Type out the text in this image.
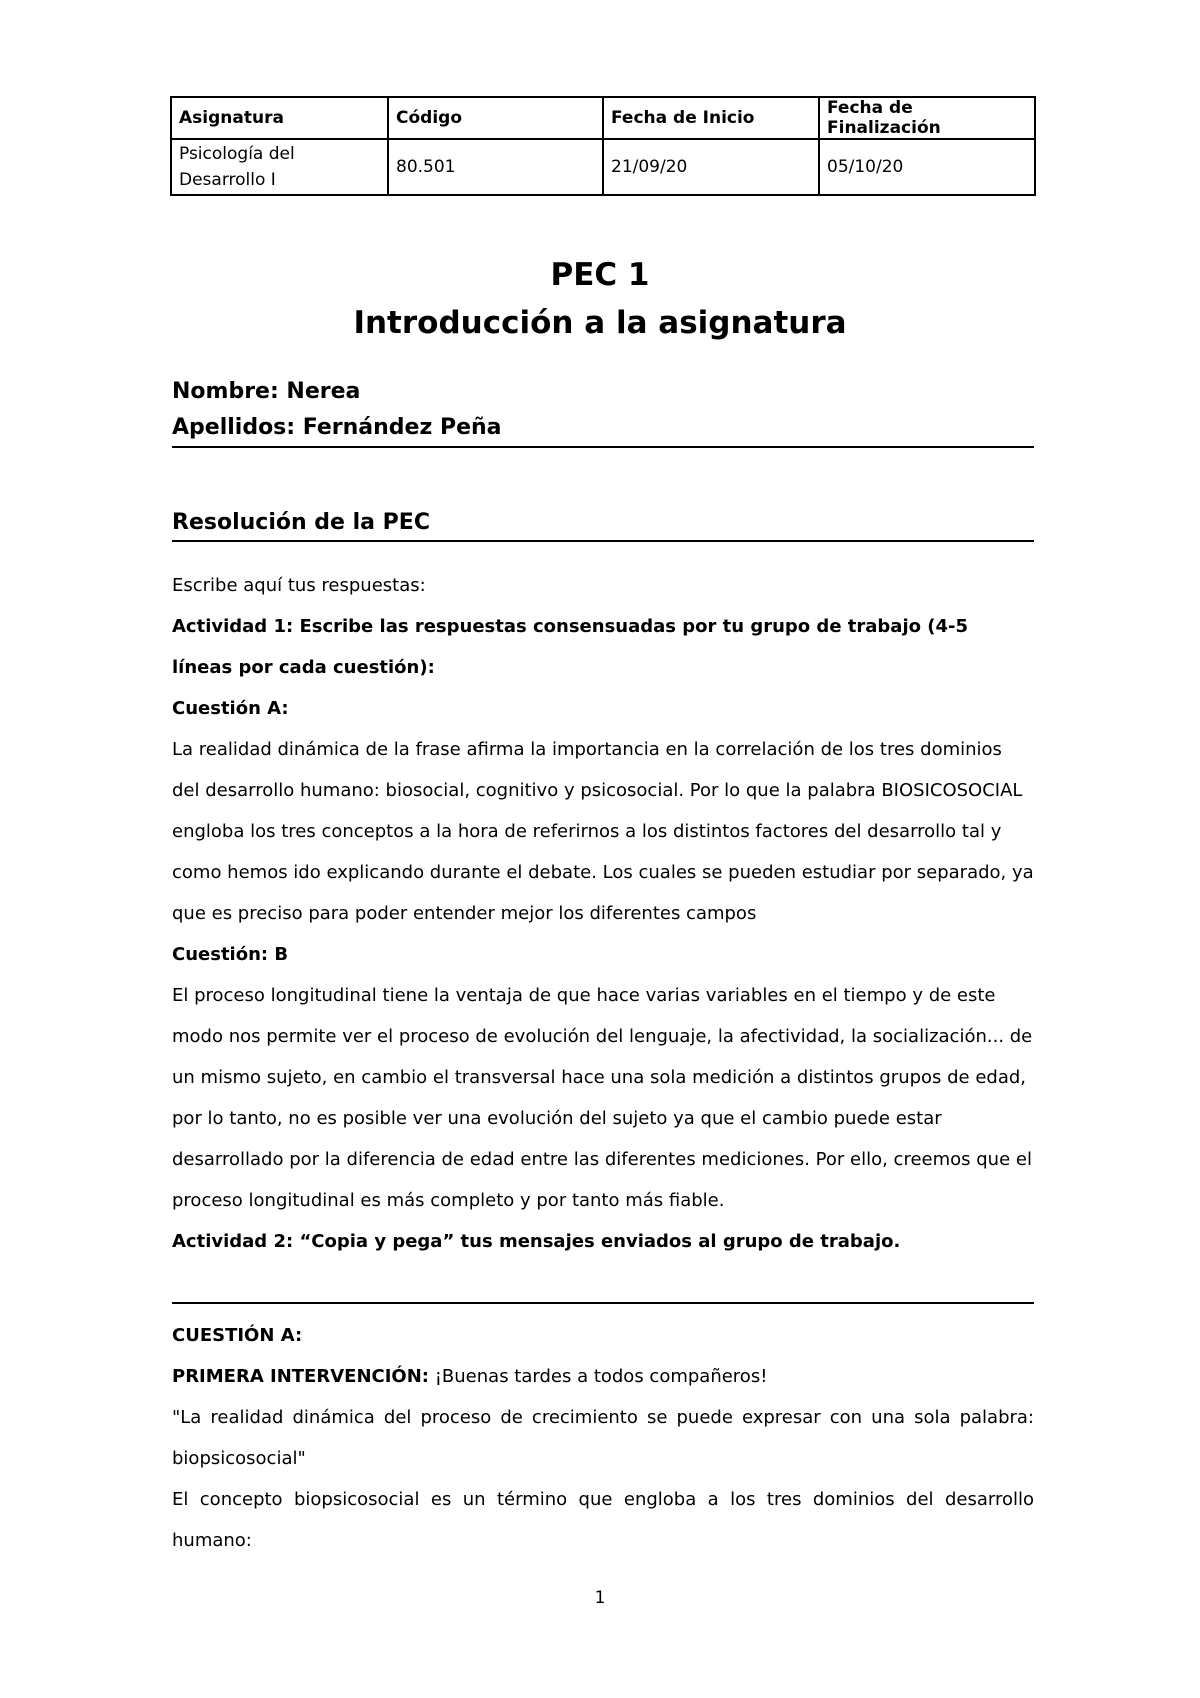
Asignatura	Código	Fecha de Inicio	Fecha de Finalización
Psicología del Desarrollo I	80.501	21/09/20	05/10/20
PEC 1
Introducción a la asignatura
Nombre: Nerea
Apellidos: Fernández Peña
Resolución de la PEC

Escribe aquí tus respuestas:

Actividad 1: Escribe las respuestas consensuadas por tu grupo de trabajo (4-5 líneas por cada cuestión):

Cuestión A:

La realidad dinámica de la frase afirma la importancia en la correlación de los tres dominios del desarrollo humano: biosocial, cognitivo y psicosocial. Por lo que la palabra BIOSICOSOCIAL engloba los tres conceptos a la hora de referirnos a los distintos factores del desarrollo tal y como hemos ido explicando durante el debate. Los cuales se pueden estudiar por separado, ya que es preciso para poder entender mejor los diferentes campos

Cuestión: B

El proceso longitudinal tiene la ventaja de que hace varias variables en el tiempo y de este modo nos permite ver el proceso de evolución del lenguaje, la afectividad, la socialización... de un mismo sujeto, en cambio el transversal hace una sola medición a distintos grupos de edad, por lo tanto, no es posible ver una evolución del sujeto ya que el cambio puede estar desarrollado por la diferencia de edad entre las diferentes mediciones. Por ello, creemos que el proceso longitudinal es más completo y por tanto más fiable.

Actividad 2: “Copia y pega” tus mensajes enviados al grupo de trabajo.

CUESTIÓN A:

PRIMERA INTERVENCIÓN: ¡Buenas tardes a todos compañeros!

"La realidad dinámica del proceso de crecimiento se puede expresar con una sola palabra: biopsicosocial"

El concepto biopsicosocial es un término que engloba a los tres dominios del desarrollo humano:

1
